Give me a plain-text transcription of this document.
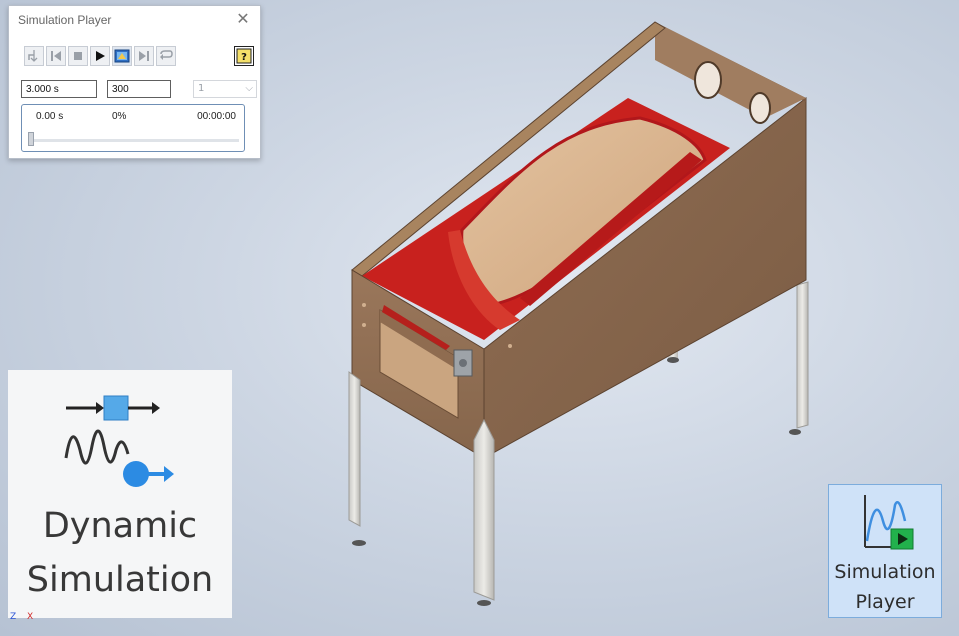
Simulation Player	✕
?
3.000 s	300	1	⌵
0.00 s	0%	00:00:00
Dynamic
Simulation	Simulation
Player
Z X
